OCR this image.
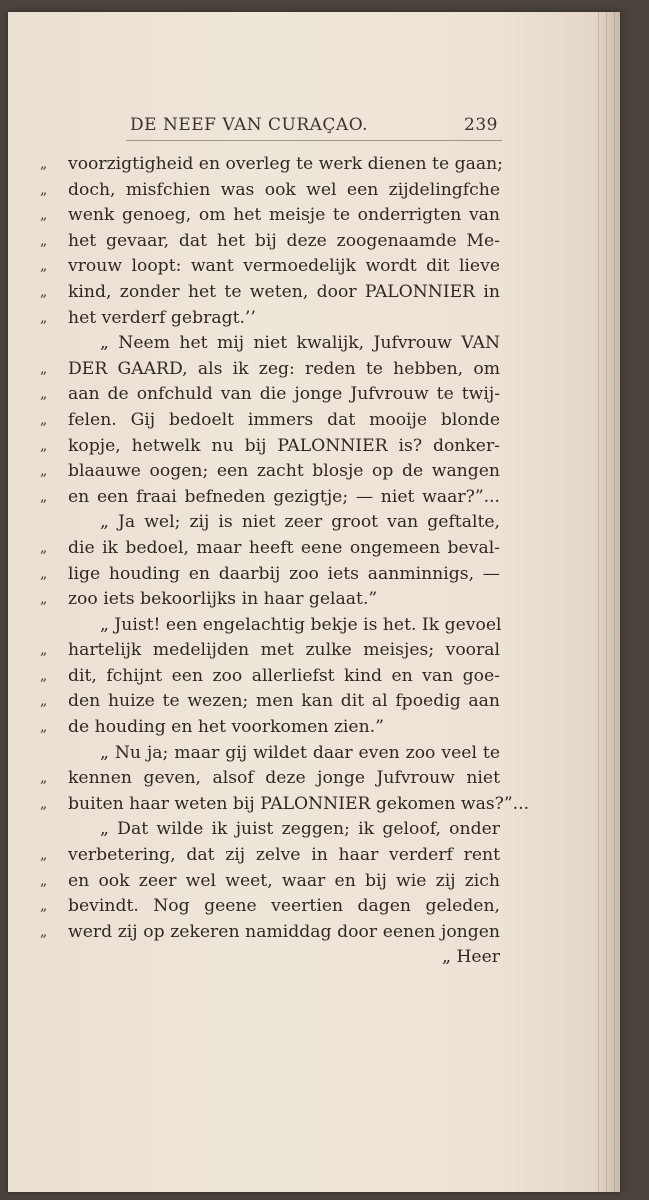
DE NEEF VAN CURAÇAO.	239
„	voorzigtigheid en overleg te werk dienen te gaan;
„	doch, misfchien was ook wel een zijdelingfche
„	wenk genoeg, om het meisje te onderrigten van
„	het gevaar, dat het bij deze zoogenaamde Me-
„	vrouw loopt: want vermoedelijk wordt dit lieve
„	kind, zonder het te weten, door PALONNIER in
„	het verderf gebragt.’’
„ Neem het mij niet kwalijk, Jufvrouw VAN
„	DER GAARD, als ik zeg: reden te hebben, om
„	aan de onfchuld van die jonge Jufvrouw te twij-
„	felen. Gij bedoelt immers dat mooije blonde
„	kopje, hetwelk nu bij PALONNIER is? donker-
„	blaauwe oogen; een zacht blosje op de wangen
„	en een fraai befneden gezigtje; — niet waar?”...
„ Ja wel; zij is niet zeer groot van geftalte,
„	die ik bedoel, maar heeft eene ongemeen beval-
„	lige houding en daarbij zoo iets aanminnigs, —
„	zoo iets bekoorlijks in haar gelaat.”
„ Juist! een engelachtig bekje is het. Ik gevoel
„	hartelijk medelijden met zulke meisjes; vooral
„	dit, fchijnt een zoo allerliefst kind en van goe-
„	den huize te wezen; men kan dit al fpoedig aan
„	de houding en het voorkomen zien.”
„ Nu ja; maar gij wildet daar even zoo veel te
„	kennen geven, alsof deze jonge Jufvrouw niet
„	buiten haar weten bij PALONNIER gekomen was?”...
„ Dat wilde ik juist zeggen; ik geloof, onder
„	verbetering, dat zij zelve in haar verderf rent
„	en ook zeer wel weet, waar en bij wie zij zich
„	bevindt. Nog geene veertien dagen geleden,
„	werd zij op zekeren namiddag door eenen jongen
„ Heer
